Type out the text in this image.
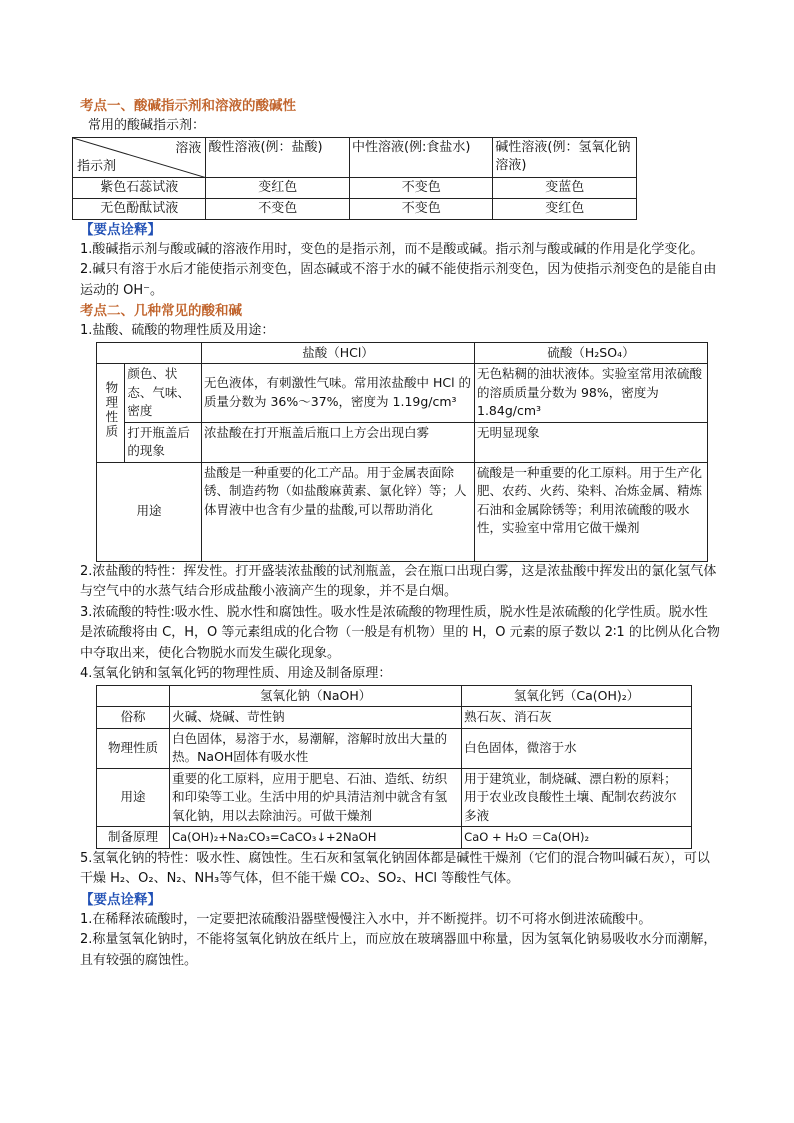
考点一、酸碱指示剂和溶液的酸碱性

常用的酸碱指示剂：

溶液
指示剂	酸性溶液(例：盐酸)	中性溶液(例:食盐水)	碱性溶液(例：氢氧化钠溶液)
紫色石蕊试液	变红色	不变色	变蓝色
无色酚酞试液	不变色	不变色	变红色
【要点诠释】

1.酸碱指示剂与酸或碱的溶液作用时，变色的是指示剂，而不是酸或碱。指示剂与酸或碱的作用是化学变化。

2.碱只有溶于水后才能使指示剂变色，固态碱或不溶于水的碱不能使指示剂变色，因为使指示剂变色的是能自由运动的 OH⁻。

考点二、几种常见的酸和碱

1.盐酸、硫酸的物理性质及用途：

		盐酸（HCl）	硫酸（H₂SO₄）
物理性质	颜色、状态、气味、密度	无色液体，有刺激性气味。常用浓盐酸中 HCl 的质量分数为 36%～37%，密度为 1.19g/cm³	无色粘稠的油状液体。实验室常用浓硫酸的溶质质量分数为 98%，密度为 1.84g/cm³
	打开瓶盖后的现象	浓盐酸在打开瓶盖后瓶口上方会出现白雾	无明显现象
用途		盐酸是一种重要的化工产品。用于金属表面除锈、制造药物（如盐酸麻黄素、氯化锌）等；人体胃液中也含有少量的盐酸,可以帮助消化	硫酸是一种重要的化工原料。用于生产化肥、农药、火药、染料、冶炼金属、精炼石油和金属除锈等；利用浓硫酸的吸水性，实验室中常用它做干燥剂

2.浓盐酸的特性：挥发性。打开盛装浓盐酸的试剂瓶盖，会在瓶口出现白雾，这是浓盐酸中挥发出的氯化氢气体与空气中的水蒸气结合形成盐酸小液滴产生的现象，并不是白烟。

3.浓硫酸的特性:吸水性、脱水性和腐蚀性。吸水性是浓硫酸的物理性质，脱水性是浓硫酸的化学性质。脱水性是浓硫酸将由 C，H，O 等元素组成的化合物（一般是有机物）里的 H，O 元素的原子数以 2∶1 的比例从化合物中夺取出来，使化合物脱水而发生碳化现象。

4.氢氧化钠和氢氧化钙的物理性质、用途及制备原理：

	氢氧化钠（NaOH）	氢氧化钙（Ca(OH)₂）
俗称	火碱、烧碱、苛性钠	熟石灰、消石灰
物理性质	白色固体，易溶于水，易潮解，溶解时放出大量的热。NaOH固体有吸水性	白色固体，微溶于水
用途	重要的化工原料，应用于肥皂、石油、造纸、纺织和印染等工业。生活中用的炉具清洁剂中就含有氢氧化钠，用以去除油污。可做干燥剂	用于建筑业，制烧碱、漂白粉的原料；用于农业改良酸性土壤、配制农药波尔多液
制备原理	Ca(OH)₂+Na₂CO₃=CaCO₃↓+2NaOH	CaO + H₂O ＝Ca(OH)₂

5.氢氧化钠的特性：吸水性、腐蚀性。生石灰和氢氧化钠固体都是碱性干燥剂（它们的混合物叫碱石灰），可以干燥 H₂、O₂、N₂、NH₃等气体，但不能干燥 CO₂、SO₂、HCl 等酸性气体。

【要点诠释】

1.在稀释浓硫酸时，一定要把浓硫酸沿器壁慢慢注入水中，并不断搅拌。切不可将水倒进浓硫酸中。

2.称量氢氧化钠时，不能将氢氧化钠放在纸片上，而应放在玻璃器皿中称量，因为氢氧化钠易吸收水分而潮解，且有较强的腐蚀性。
